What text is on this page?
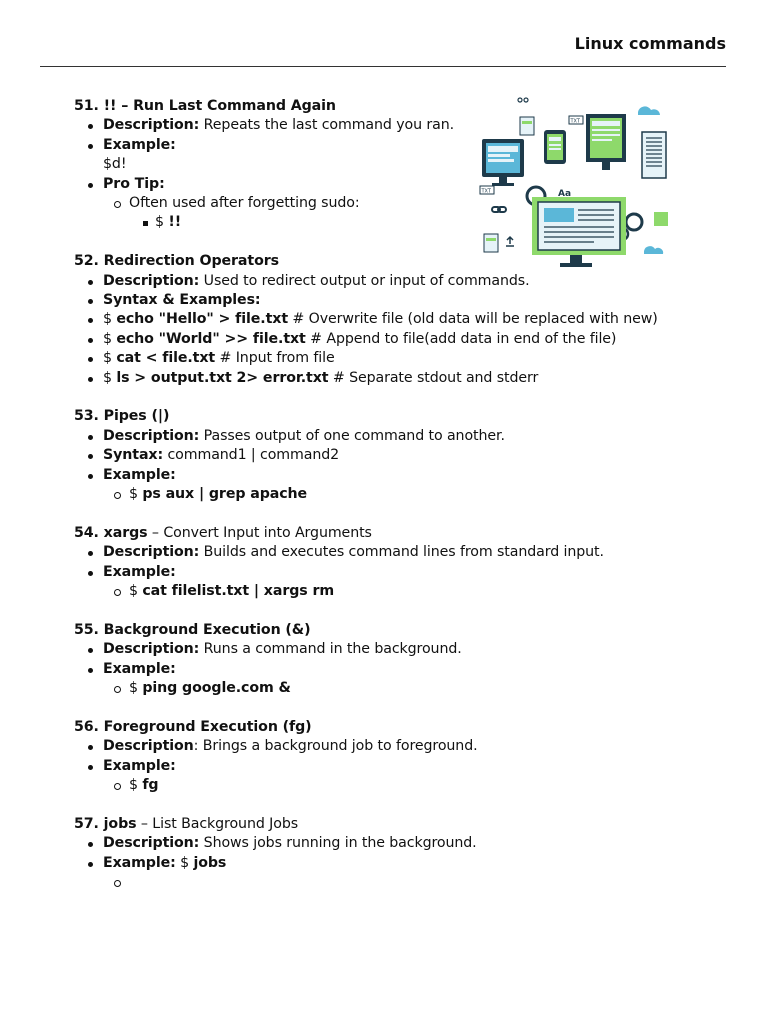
Linux commands
TXT
TXT	Aa
51. !! – Run Last Command Again
Description: Repeats the last command you ran.
Example:
$d!
Pro Tip:
Often used after forgetting sudo:
$ !!
52. Redirection Operators
Description: Used to redirect output or input of commands.
Syntax & Examples:
$ echo "Hello" > file.txt # Overwrite file (old data will be replaced with new)
$ echo "World" >> file.txt # Append to file(add data in end of the file)
$ cat < file.txt # Input from file
$ ls > output.txt 2> error.txt # Separate stdout and stderr
53. Pipes (|)
Description: Passes output of one command to another.
Syntax: command1 | command2
Example:
$ ps aux | grep apache
54. xargs – Convert Input into Arguments
Description: Builds and executes command lines from standard input.
Example:
$ cat filelist.txt | xargs rm
55. Background Execution (&)
Description: Runs a command in the background.
Example:
$ ping google.com &
56. Foreground Execution (fg)
Description: Brings a background job to foreground.
Example:
$ fg
57. jobs – List Background Jobs
Description: Shows jobs running in the background.
Example: $ jobs
